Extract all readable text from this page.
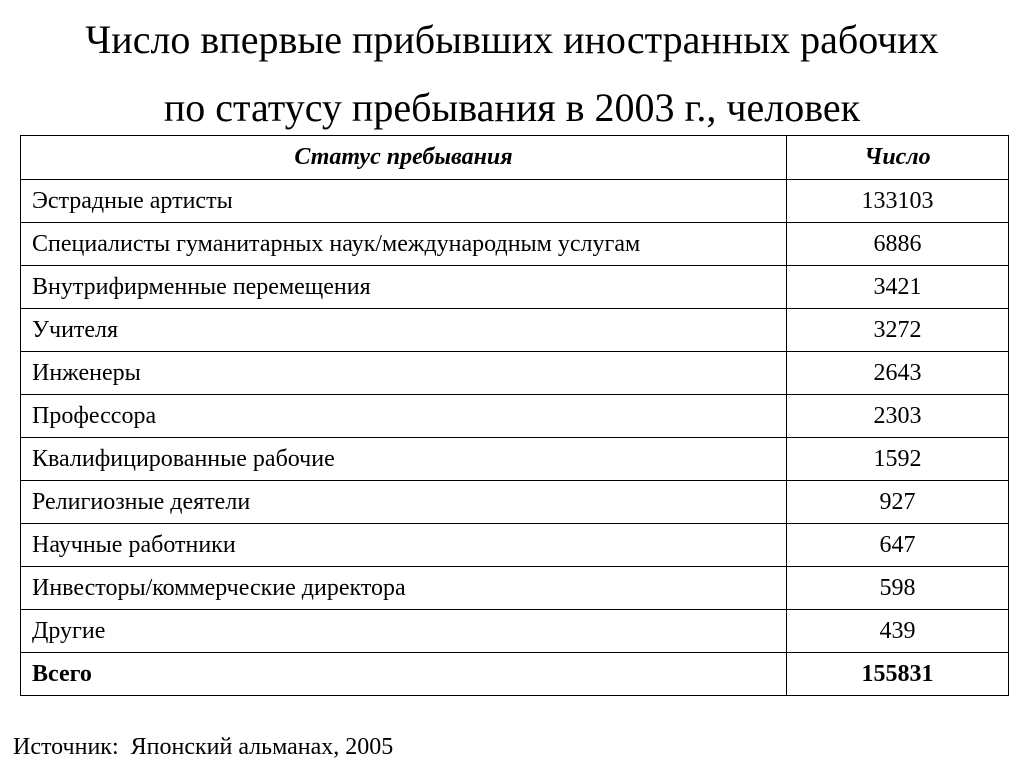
Число впервые прибывших иностранных рабочих
по статусу пребывания в 2003 г., человек
Статус пребывания	Число
Эстрадные артисты	133103
Специалисты гуманитарных наук/международным услугам	6886
Внутрифирменные перемещения	3421
Учителя	3272
Инженеры	2643
Профессора	2303
Квалифицированные рабочие	1592
Религиозные деятели	927
Научные работники	647
Инвесторы/коммерческие директора	598
Другие	439
Всего	155831
Источник:  Японский альманах, 2005
